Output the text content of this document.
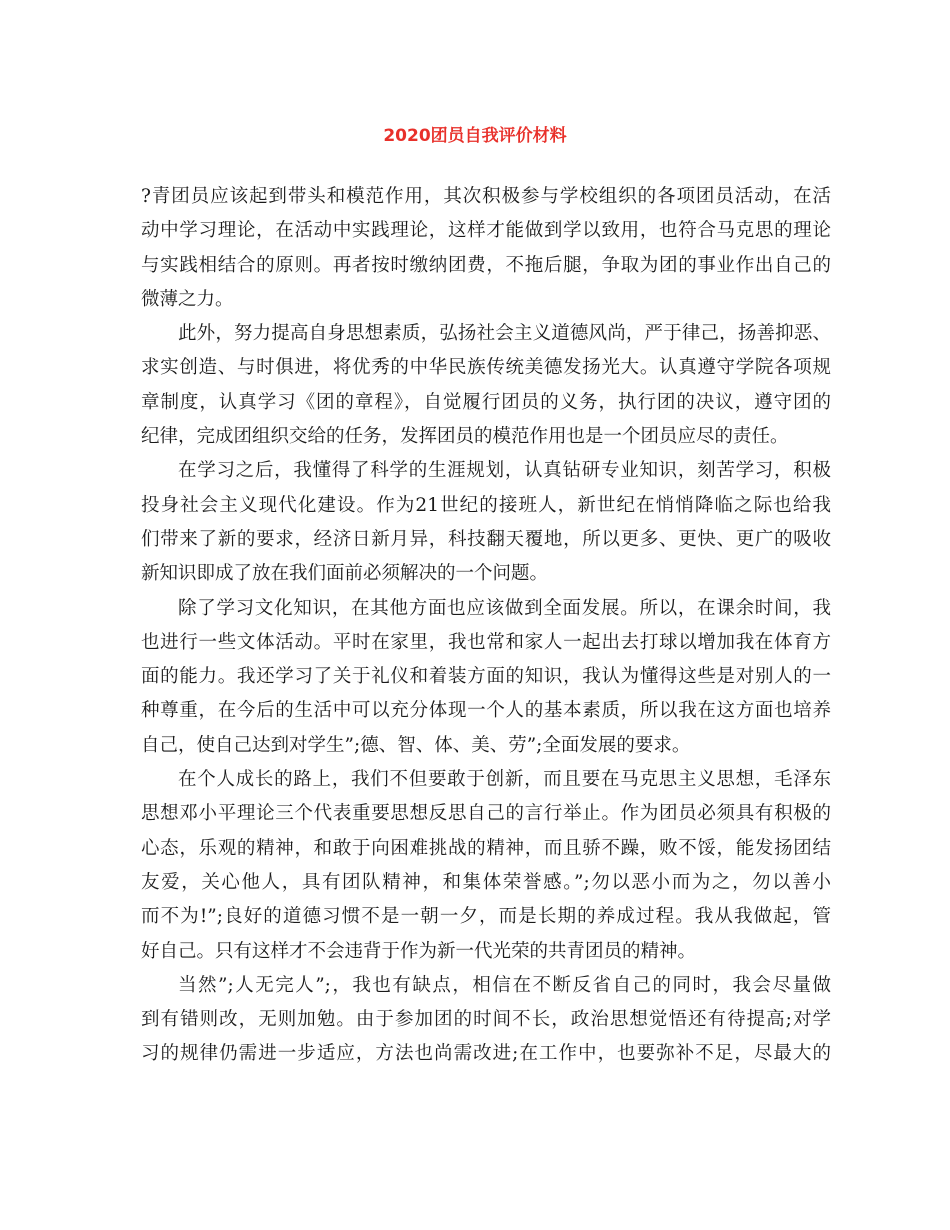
2020团员自我评价材料
?青团员应该起到带头和模范作用，其次积极参与学校组织的各项团员活动，在活
动中学习理论，在活动中实践理论，这样才能做到学以致用，也符合马克思的理论
与实践相结合的原则。再者按时缴纳团费，不拖后腿，争取为团的事业作出自己的
微薄之力。
此外，努力提高自身思想素质，弘扬社会主义道德风尚，严于律己，扬善抑恶、
求实创造、与时俱进，将优秀的中华民族传统美德发扬光大。认真遵守学院各项规
章制度，认真学习《团的章程》，自觉履行团员的义务，执行团的决议，遵守团的
纪律，完成团组织交给的任务，发挥团员的模范作用也是一个团员应尽的责任。
在学习之后，我懂得了科学的生涯规划，认真钻研专业知识，刻苦学习，积极
投身社会主义现代化建设。作为21世纪的接班人，新世纪在悄悄降临之际也给我
们带来了新的要求，经济日新月异，科技翻天覆地，所以更多、更快、更广的吸收
新知识即成了放在我们面前必须解决的一个问题。
除了学习文化知识，在其他方面也应该做到全面发展。所以，在课余时间，我
也进行一些文体活动。平时在家里，我也常和家人一起出去打球以增加我在体育方
面的能力。我还学习了关于礼仪和着装方面的知识，我认为懂得这些是对别人的一
种尊重，在今后的生活中可以充分体现一个人的基本素质，所以我在这方面也培养
自己，使自己达到对学生”;德、智、体、美、劳”;全面发展的要求。
在个人成长的路上，我们不但要敢于创新，而且要在马克思主义思想，毛泽东
思想邓小平理论三个代表重要思想反思自己的言行举止。作为团员必须具有积极的
心态，乐观的精神，和敢于向困难挑战的精神，而且骄不躁，败不馁，能发扬团结
友爱，关心他人，具有团队精神，和集体荣誉感。”;勿以恶小而为之，勿以善小
而不为!”;良好的道德习惯不是一朝一夕，而是长期的养成过程。我从我做起，管
好自己。只有这样才不会违背于作为新一代光荣的共青团员的精神。
当然”;人无完人”;，我也有缺点，相信在不断反省自己的同时，我会尽量做
到有错则改，无则加勉。由于参加团的时间不长，政治思想觉悟还有待提高;对学
习的规律仍需进一步适应，方法也尚需改进;在工作中，也要弥补不足，尽最大的
